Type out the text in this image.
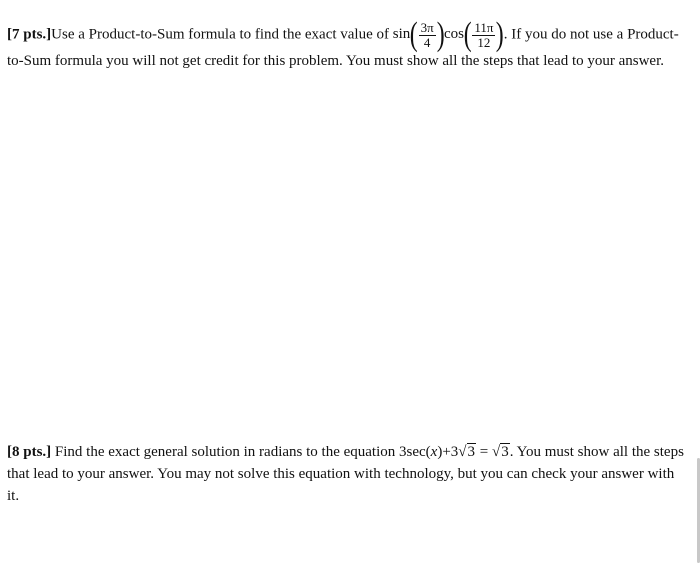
[7 pts.]Use a Product-to-Sum formula to find the exact value of $\sin( \frac{3\pi}{4} )\cos( \frac{11\pi}{12}$ ). If you do not use a Product-to-Sum formula you will not get credit for this problem. You must show all the steps that lead to your answer.
[8 pts.] Find the exact general solution in radians to the equation 3sec(x)+3√3 = √3. You must show all the steps that lead to your answer. You may not solve this equation with technology, but you can check your answer with it.
